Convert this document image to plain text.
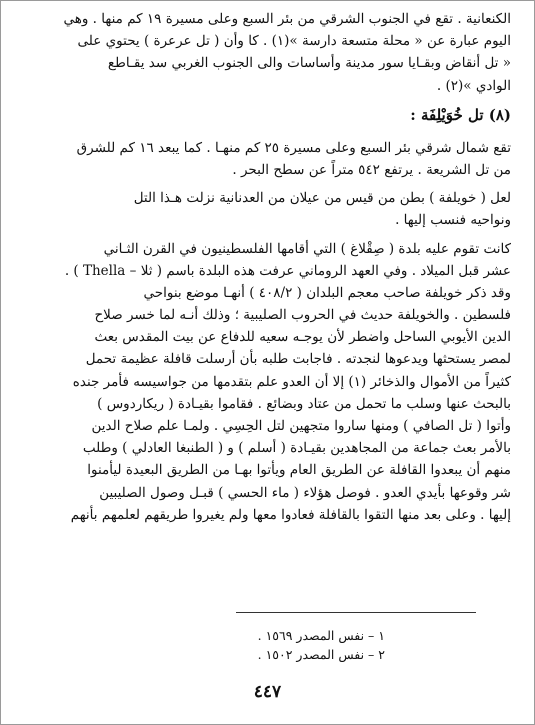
الكنعانية . تقع في الجنوب الشرقي من بئر السبع وعلى مسيرة ١٩ كم منها . وهي
اليوم عبارة عن « محلة متسعة دارسة »(١) . كا وأن ( تل عرعرة ) يحتوي على
« تل أنقاض وبقـايا سور مدينة وأساسات والى الجنوب الغربي سد يقـاطع
الوادي »(٢) .
(٨) تل خُوَيْلِفَة :
تقع شمال شرقي بئر السبع وعلى مسيرة ٢٥ كم منهـا . كما يبعد ١٦ كم للشرق
من تل الشريعة . يرتفع ٥٤٢ متراً عن سطح البحر .
لعل ( خويلفة ) بطن من قيس من عيلان من العدنانية نزلت هـذا التل
ونواحيه فنسب إليها .
كانت تقوم عليه بلدة ( صِقْلاغ ) التي أقامها الفلسطينيون في القرن الثـاني
عشر قبل الميلاد . وفي العهد الروماني عرفت هذه البلدة باسم ( ثلا – Thella ) .
وقد ذكر خويلفة صاحب معجم البلدان ( ٤٠٨/٢ ) أنهـا موضع بنواحي
فلسطين . والخويلفة حديث في الحروب الصليبية ؛ وذلك أنـه لما خسر صلاح
الدين الأيوبي الساحل واضطر لأن يوجـه سعيه للدفاع عن بيت المقدس بعث
لمصر يستحثها ويدعوها لنجدته . فاجابت طلبه بأن أرسلت قافلة عظيمة تحمل
كثيراً من الأموال والذخائر (١) إلا أن العدو علم بتقدمها من جواسيسه فأمر جنده
بالبحث عنها وسلب ما تحمل من عتاد وبضائع . فقاموا بقيـادة ( ريكاردوس )
وأتوا ( تل الصافي ) ومنها ساروا متجهين لتل الحِسِي . ولمـا علم صلاح الدين
بالأمر بعث جماعة من المجاهدين بقيـادة ( أسلم ) و ( الطنبغا العادلي ) وطلب
منهم أن يبعدوا القافلة عن الطريق العام ويأتوا بهـا من الطريق البعيدة ليأمنوا
شر وقوعها بأيدي العدو . فوصل هؤلاء ( ماء الحسي ) قبـل وصول الصليبين
إليها . وعلى بعد منها التقوا بالقافلة فعادوا معها ولم يغيروا طريقهم لعلمهم بأنهم
١ – نفس المصدر ١٥٦٩ .
٢ – نفس المصدر ١٥٠٢ .
٤٤٧
